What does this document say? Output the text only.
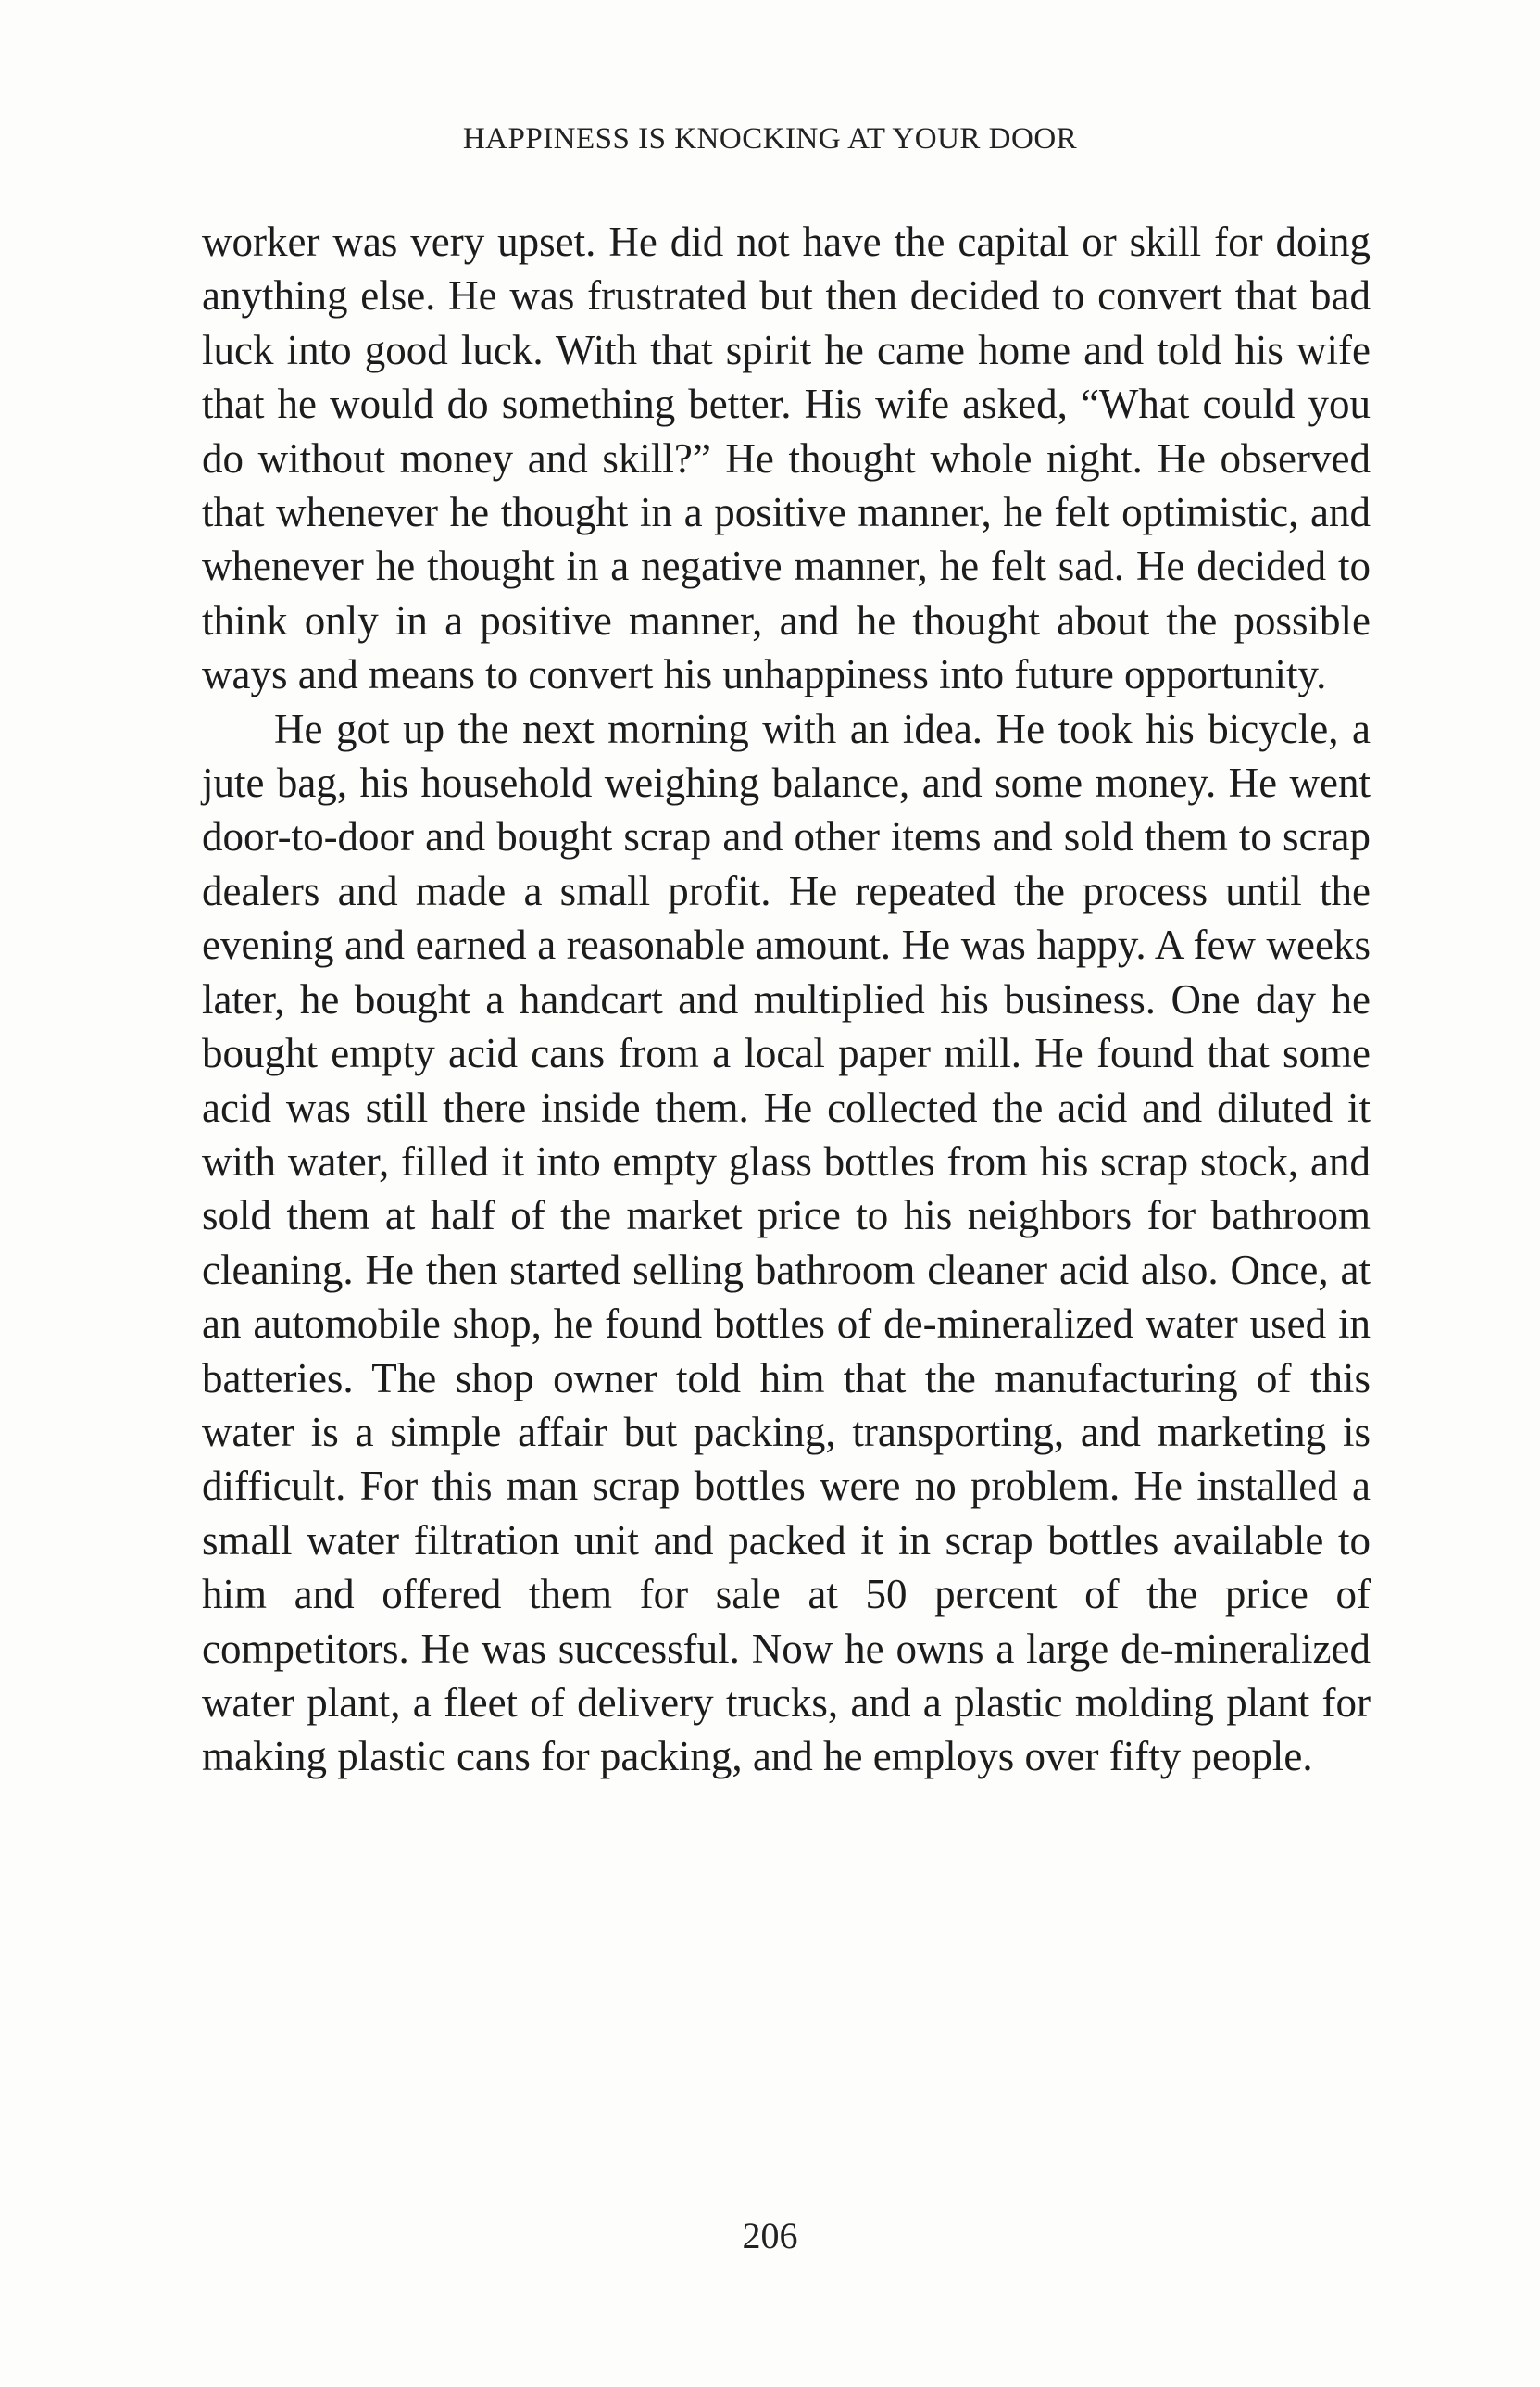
HAPPINESS IS KNOCKING AT YOUR DOOR

worker was very upset. He did not have the capital or skill for doing anything else. He was frustrated but then decided to convert that bad luck into good luck. With that spirit he came home and told his wife that he would do something better. His wife asked, “What could you do without money and skill?” He thought whole night. He observed that whenever he thought in a positive manner, he felt optimistic, and whenever he thought in a negative manner, he felt sad. He decided to think only in a positive manner, and he thought about the possible ways and means to convert his unhappiness into future opportunity.

He got up the next morning with an idea. He took his bicycle, a jute bag, his household weighing balance, and some money. He went door-to-door and bought scrap and other items and sold them to scrap dealers and made a small profit. He repeated the process until the evening and earned a reasonable amount. He was happy. A few weeks later, he bought a handcart and multiplied his business. One day he bought empty acid cans from a local paper mill. He found that some acid was still there inside them. He collected the acid and diluted it with water, filled it into empty glass bottles from his scrap stock, and sold them at half of the market price to his neighbors for bathroom cleaning. He then started selling bathroom cleaner acid also. Once, at an automobile shop, he found bottles of de-mineralized water used in batteries. The shop owner told him that the manufacturing of this water is a simple affair but packing, transporting, and marketing is difficult. For this man scrap bottles were no problem. He installed a small water filtration unit and packed it in scrap bottles available to him and offered them for sale at 50 percent of the price of competitors. He was successful. Now he owns a large de-mineralized water plant, a fleet of delivery trucks, and a plastic molding plant for making plastic cans for packing, and he employs over fifty people.

206
